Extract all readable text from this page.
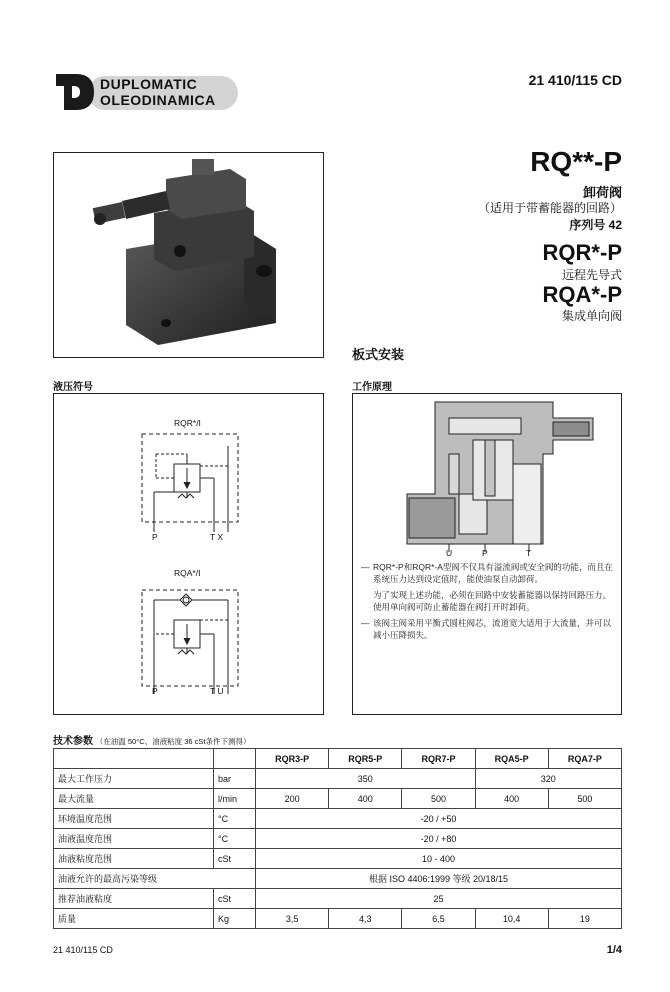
DUPLOMATIC
OLEODINAMICA
21 410/115 CD
RQ**-P
卸荷阀
（适用于带蓄能器的回路）
序列号 42
RQR*-P
远程先导式
RQA*-P
集成单向阀
板式安装
液压符号	工作原理
RQR*/I
P	T X
RQA*/I
P	T U
U	P	T
— RQR*-P和RQR*-A型阀不仅具有溢流阀或安全阀的功能，而且在系统压力达到设定值时，能使油泵自动卸荷。
为了实现上述功能，必须在回路中安装蓄能器以保持回路压力。使用单向阀可防止蓄能器在阀打开时卸荷。
— 该阀主阀采用平衡式圆柱阀芯，流道宽大适用于大流量，并可以减小压降损失。
技术参数 （在油温 50°C、油液粘度 36 cSt条件下测得）
		RQR3-P	RQR5-P	RQR7-P	RQA5-P	RQA7-P
最大工作压力	bar	350			320	
最大流量	l/min	200	400	500	400	500
环境温度范围	°C	-20 / +50				
油液温度范围	°C	-20 / +80				
油液粘度范围	cSt	10 - 400				
油液允许的最高污染等级		根据 ISO 4406:1999 等级 20/18/15				
推荐油液粘度	cSt	25				
质量	Kg	3,5	4,3	6,5	10,4	19
21 410/115 CD	1/4
